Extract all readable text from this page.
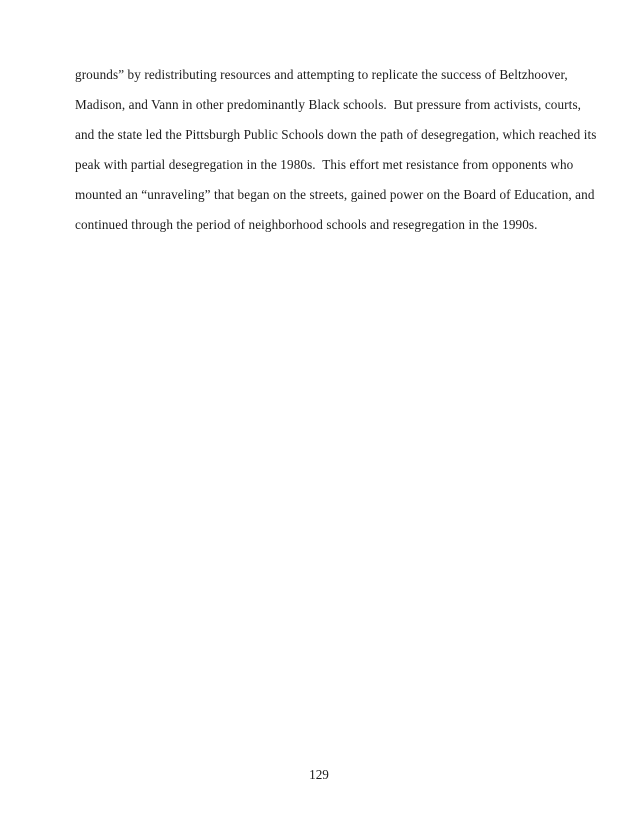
grounds” by redistributing resources and attempting to replicate the success of Beltzhoover,
Madison, and Vann in other predominantly Black schools.  But pressure from activists, courts,
and the state led the Pittsburgh Public Schools down the path of desegregation, which reached its
peak with partial desegregation in the 1980s.  This effort met resistance from opponents who
mounted an “unraveling” that began on the streets, gained power on the Board of Education, and
continued through the period of neighborhood schools and resegregation in the 1990s.
129
